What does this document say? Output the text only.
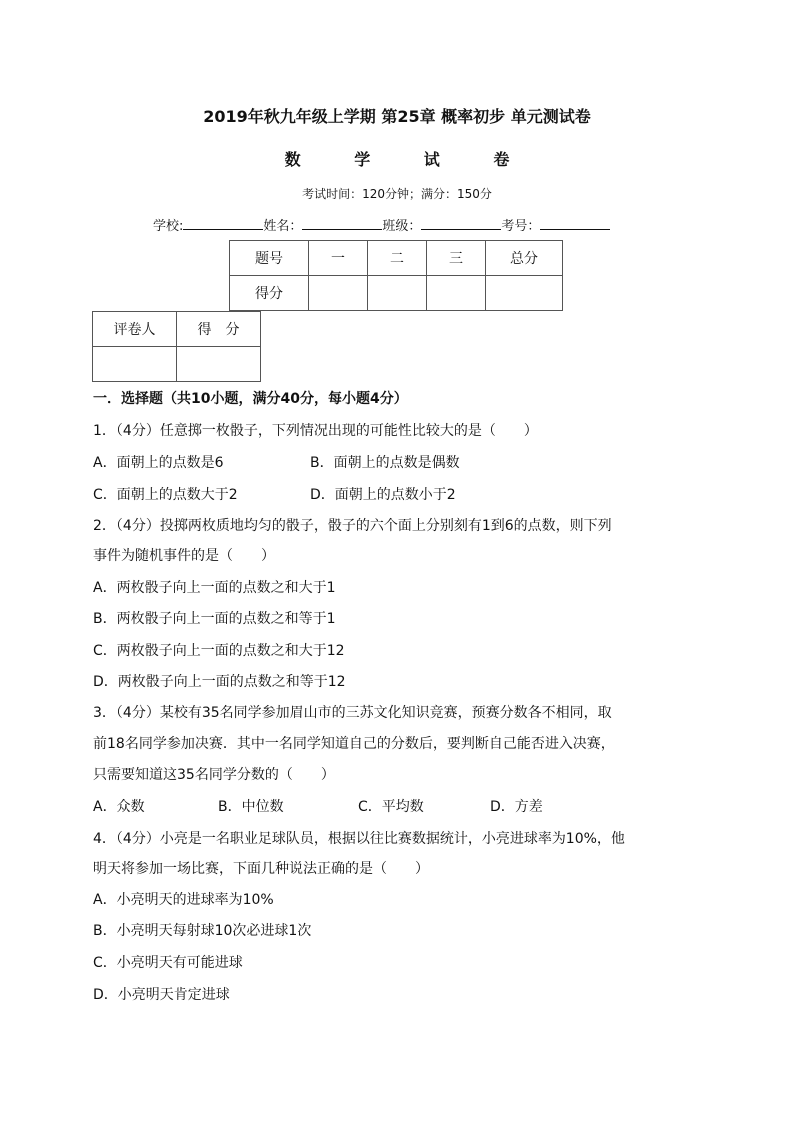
2019年秋九年级上学期 第25章 概率初步 单元测试卷
数 学 试 卷
考试时间：120分钟；满分：150分
学校:	姓名：	班级：	考号：
题号	一	二	三	总分
得分				
评卷人	得　分

一．选择题（共10小题，满分40分，每小题4分）
1．（4分）任意掷一枚骰子，下列情况出现的可能性比较大的是（　　）
A．面朝上的点数是6	B．面朝上的点数是偶数
C．面朝上的点数大于2	D．面朝上的点数小于2
2．（4分）投掷两枚质地均匀的骰子，骰子的六个面上分别刻有1到6的点数，则下列
事件为随机事件的是（　　）
A．两枚骰子向上一面的点数之和大于1
B．两枚骰子向上一面的点数之和等于1
C．两枚骰子向上一面的点数之和大于12
D．两枚骰子向上一面的点数之和等于12
3．（4分）某校有35名同学参加眉山市的三苏文化知识竞赛，预赛分数各不相同，取
前18名同学参加决赛．其中一名同学知道自己的分数后，要判断自己能否进入决赛，
只需要知道这35名同学分数的（　　）
A．众数	B．中位数	C．平均数	D．方差
4．（4分）小亮是一名职业足球队员，根据以往比赛数据统计，小亮进球率为10%，他
明天将参加一场比赛，下面几种说法正确的是（　　）
A．小亮明天的进球率为10%
B．小亮明天每射球10次必进球1次
C．小亮明天有可能进球
D．小亮明天肯定进球
